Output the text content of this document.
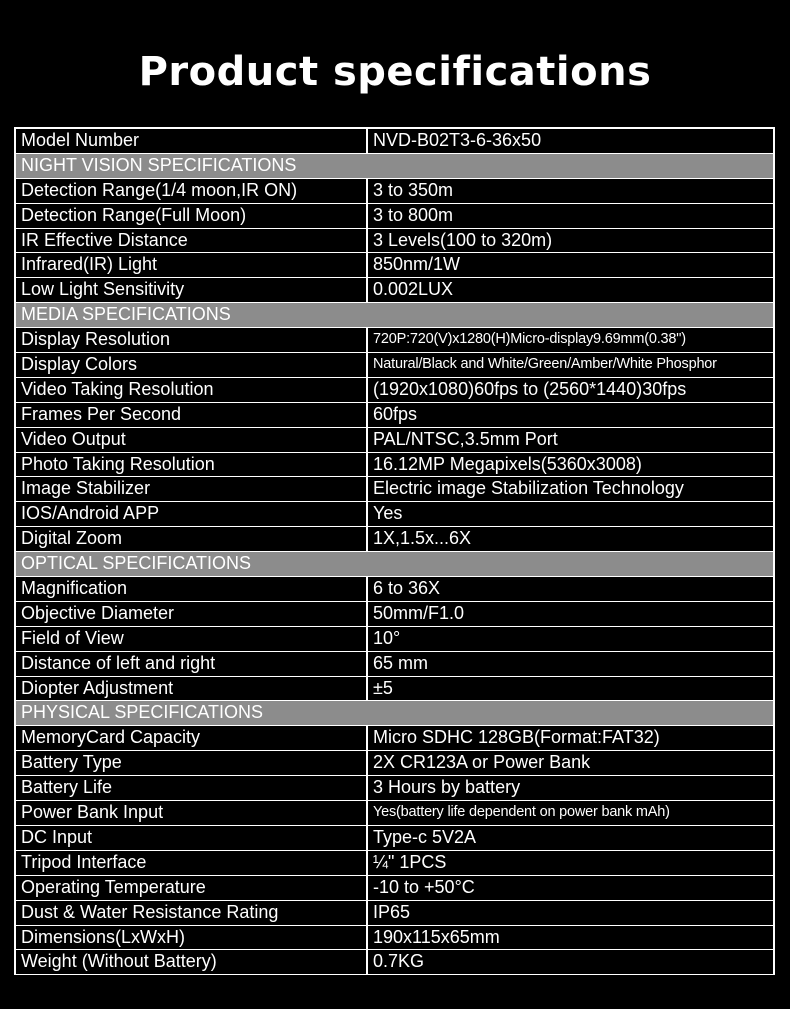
Product specifications
Model Number	NVD-B02T3-6-36x50
NIGHT VISION SPECIFICATIONS
Detection Range(1/4 moon,IR ON)	3 to 350m
Detection Range(Full Moon)	3 to 800m
IR Effective Distance	3 Levels(100 to 320m)
Infrared(IR) Light	850nm/1W
Low Light Sensitivity	0.002LUX
MEDIA SPECIFICATIONS
Display Resolution	720P:720(V)x1280(H)Micro-display9.69mm(0.38")
Display Colors	Natural/Black and White/Green/Amber/White Phosphor
Video Taking Resolution	(1920x1080)60fps to (2560*1440)30fps
Frames Per Second	60fps
Video Output	PAL/NTSC,3.5mm Port
Photo Taking Resolution	16.12MP Megapixels(5360x3008)
Image Stabilizer	Electric image Stabilization Technology
IOS/Android APP	Yes
Digital Zoom	1X,1.5x...6X
OPTICAL SPECIFICATIONS
Magnification	6 to 36X
Objective Diameter	50mm/F1.0
Field of View	10°
Distance of left and right	65 mm
Diopter Adjustment	±5
PHYSICAL SPECIFICATIONS
MemoryCard Capacity	Micro SDHC 128GB(Format:FAT32)
Battery Type	2X CR123A or Power Bank
Battery Life	3 Hours by battery
Power Bank Input	Yes(battery life dependent on power bank mAh)
DC Input	Type-c 5V2A
Tripod Interface	¼" 1PCS
Operating Temperature	-10 to +50°C
Dust & Water Resistance Rating	IP65
Dimensions(LxWxH)	190x115x65mm
Weight (Without Battery)	0.7KG
